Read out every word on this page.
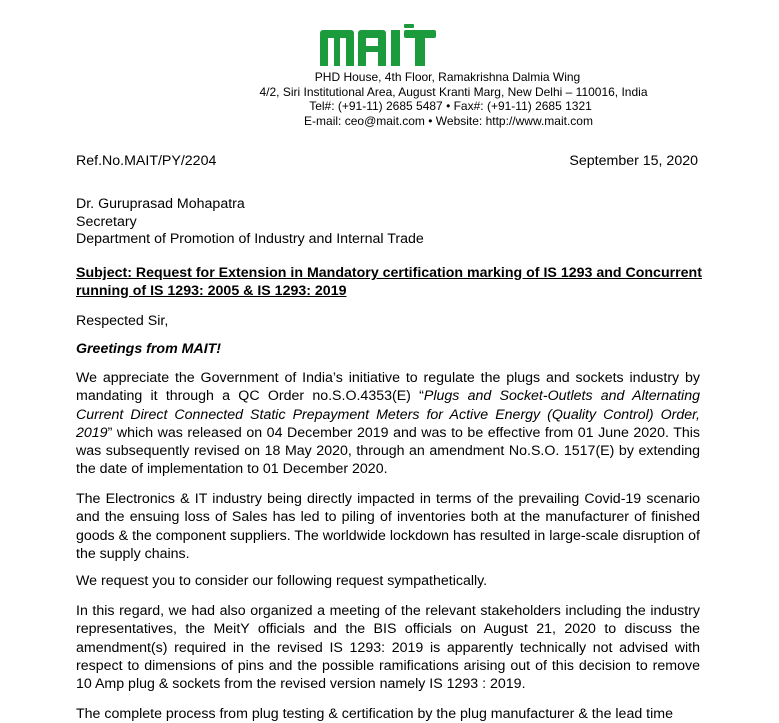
PHD House, 4th Floor, Ramakrishna Dalmia Wing
4/2, Siri Institutional Area, August Kranti Marg, New Delhi – 110016, India
Tel#: (+91-11) 2685 5487 • Fax#: (+91-11) 2685 1321
E-mail: ceo@mait.com • Website: http://www.mait.com
Ref.No.MAIT/PY/2204	September 15, 2020
Dr. Guruprasad Mohapatra
Secretary
Department of Promotion of Industry and Internal Trade
Subject: Request for Extension in Mandatory certification marking of IS 1293 and Concurrent running of IS 1293: 2005 & IS 1293: 2019
Respected Sir,
Greetings from MAIT!
We appreciate the Government of India’s initiative to regulate the plugs and sockets industry by mandating it through a QC Order no.S.O.4353(E) “Plugs and Socket-Outlets and Alternating Current Direct Connected Static Prepayment Meters for Active Energy (Quality Control) Order, 2019” which was released on 04 December 2019 and was to be effective from 01 June 2020. This was subsequently revised on 18 May 2020, through an amendment No.S.O. 1517(E) by extending the date of implementation to 01 December 2020.
The Electronics & IT industry being directly impacted in terms of the prevailing Covid-19 scenario and the ensuing loss of Sales has led to piling of inventories both at the manufacturer of finished goods & the component suppliers. The worldwide lockdown has resulted in large-scale disruption of the supply chains.
We request you to consider our following request sympathetically.
In this regard, we had also organized a meeting of the relevant stakeholders including the industry representatives, the MeitY officials and the BIS officials on August 21, 2020 to discuss the amendment(s) required in the revised IS 1293: 2019 is apparently technically not advised with respect to dimensions of pins and the possible ramifications arising out of this decision to remove 10 Amp plug & sockets from the revised version namely IS 1293 : 2019.
The complete process from plug testing & certification by the plug manufacturer & the lead time
